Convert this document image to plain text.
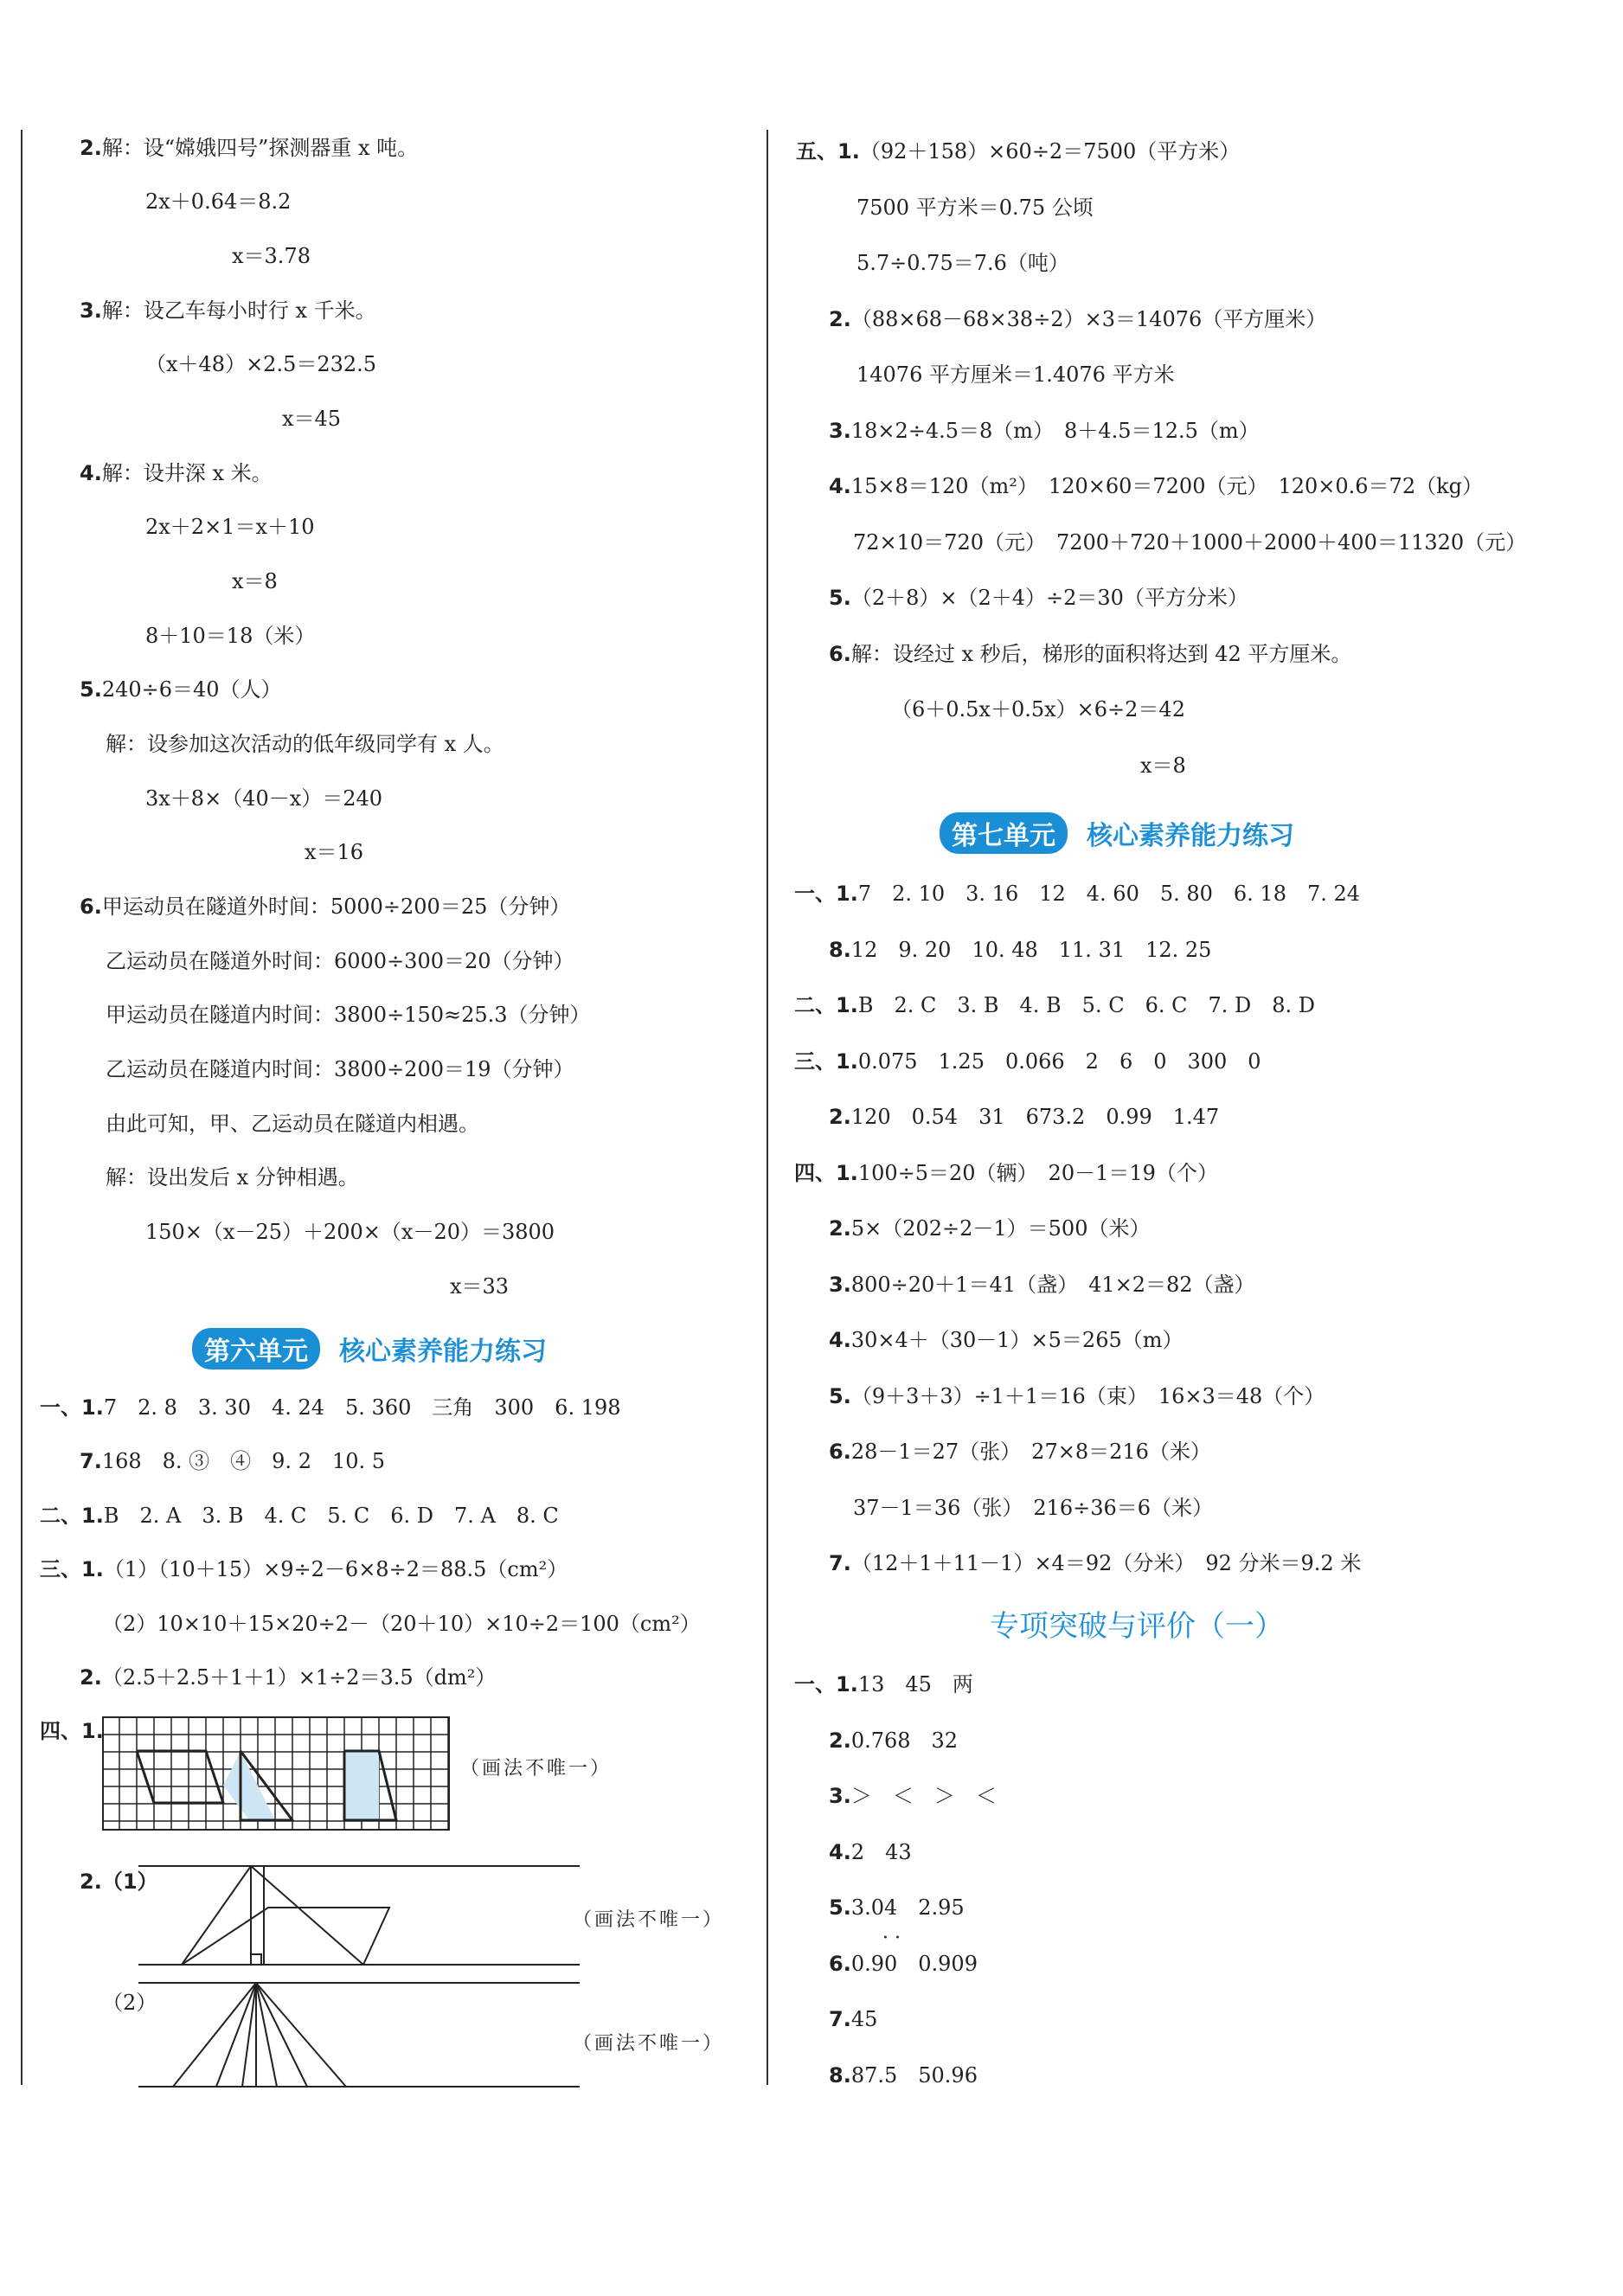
2.解：设“嫦娥四号”探测器重 x 吨。
2x＋0.64＝8.2
x＝3.78
3.解：设乙车每小时行 x 千米。
（x＋48）×2.5＝232.5
x＝45
4.解：设井深 x 米。
2x＋2×1＝x＋10
x＝8
8＋10＝18（米）
5.240÷6＝40（人）
解：设参加这次活动的低年级同学有 x 人。
3x＋8×（40－x）＝240
x＝16
6.甲运动员在隧道外时间：5000÷200＝25（分钟）
乙运动员在隧道外时间：6000÷300＝20（分钟）
甲运动员在隧道内时间：3800÷150≈25.3（分钟）
乙运动员在隧道内时间：3800÷200＝19（分钟）
由此可知，甲、乙运动员在隧道内相遇。
解：设出发后 x 分钟相遇。
150×（x－25）＋200×（x－20）＝3800
x＝33
第六单元	核心素养能力练习
一、1.7　2. 8　3. 30　4. 24　5. 360　三角　300　6. 198
7.168　8. ③　④　9. 2　10. 5
二、1.B　2. A　3. B　4. C　5. C　6. D　7. A　8. C
三、1.（1）（10＋15）×9÷2－6×8÷2＝88.5（cm²）
（2）10×10＋15×20÷2－（20＋10）×10÷2＝100（cm²）
2.（2.5＋2.5＋1＋1）×1÷2＝3.5（dm²）
四、1.
（画法不唯一）
2.（1）
（画法不唯一）
（2）
（画法不唯一）
五、1.（92＋158）×60÷2＝7500（平方米）
7500 平方米＝0.75 公顷
5.7÷0.75＝7.6（吨）
2.（88×68－68×38÷2）×3＝14076（平方厘米）
14076 平方厘米＝1.4076 平方米
3.18×2÷4.5＝8（m）　8＋4.5＝12.5（m）
4.15×8＝120（m²）　120×60＝7200（元）　120×0.6＝72（kg）
72×10＝720（元）　7200＋720＋1000＋2000＋400＝11320（元）
5.（2＋8）×（2＋4）÷2＝30（平方分米）
6.解：设经过 x 秒后，梯形的面积将达到 42 平方厘米。
（6＋0.5x＋0.5x）×6÷2＝42
x＝8
第七单元	核心素养能力练习
一、1.7　2. 10　3. 16　12　4. 60　5. 80　6. 18　7. 24
8.12　9. 20　10. 48　11. 31　12. 25
二、1.B　2. C　3. B　4. B　5. C　6. C　7. D　8. D
三、1.0.075　1.25　0.066　2　6　0　300　0
2.120　0.54　31　673.2　0.99　1.47
四、1.100÷5＝20（辆）　20－1＝19（个）
2.5×（202÷2－1）＝500（米）
3.800÷20＋1＝41（盏）　41×2＝82（盏）
4.30×4＋（30－1）×5＝265（m）
5.（9＋3＋3）÷1＋1＝16（束）　16×3＝48（个）
6.28－1＝27（张）　27×8＝216（米）
37－1＝36（张）　216÷36＝6（米）
7.（12＋1＋11－1）×4＝92（分米）　92 分米＝9.2 米
专项突破与评价（一）
一、1.13　45　两
2.0.768　32
3.＞　＜　＞　＜
4.2　43
5.3.04　2.95
· ·
6.0.90　0.909
7.45
8.87.5　50.96
